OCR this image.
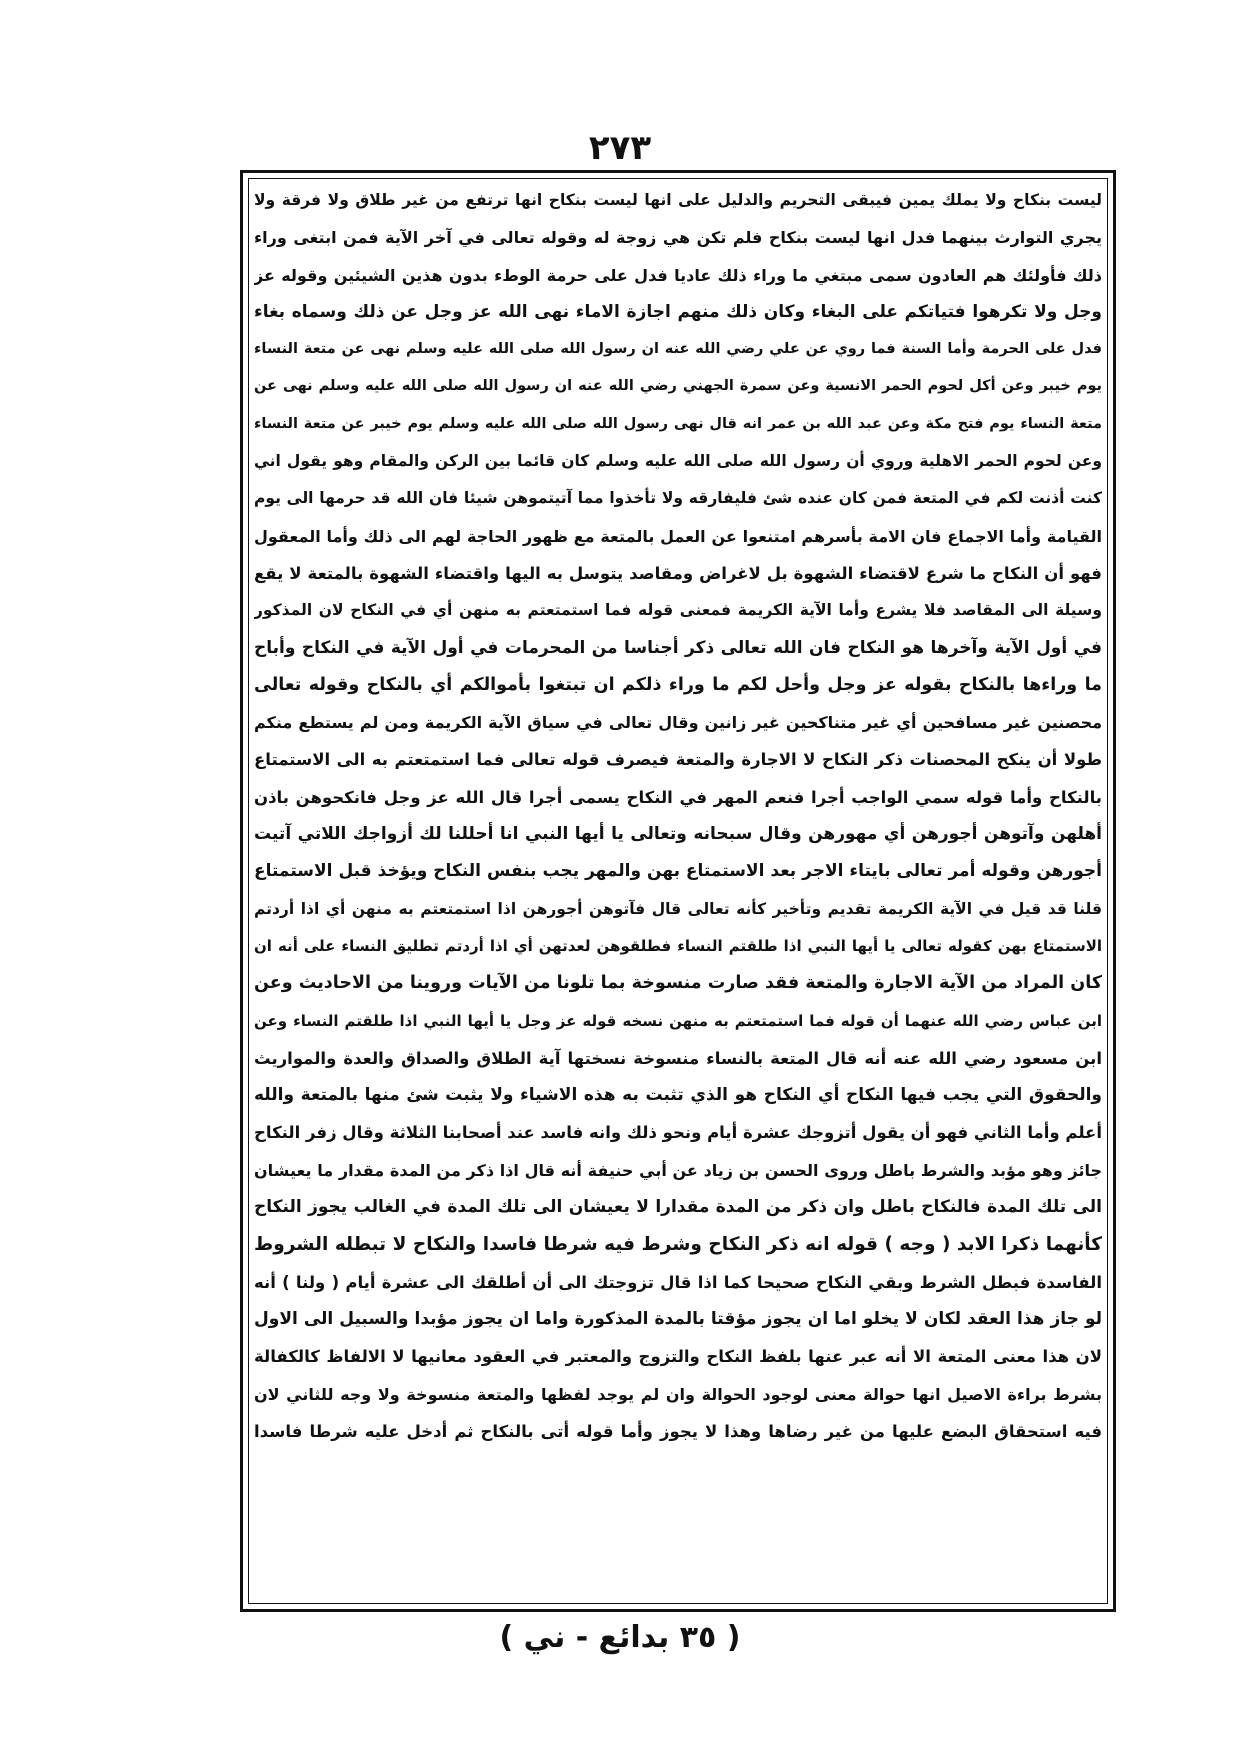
۲۷۳
ليست بنكاح ولا يملك يمين فيبقى التحريم والدليل على انها ليست بنكاح انها ترتفع من غير طلاق ولا فرقة ولا
يجري التوارث بينهما فدل انها ليست بنكاح فلم تكن هي زوجة له وقوله تعالى في آخر الآية فمن ابتغى وراء
ذلك فأولئك هم العادون سمى مبتغي ما وراء ذلك عاديا فدل على حرمة الوطء بدون هذين الشيئين وقوله عز
وجل ولا تكرهوا فتياتكم على البغاء وكان ذلك منهم اجازة الاماء نهى الله عز وجل عن ذلك وسماه بغاء
فدل على الحرمة وأما السنة فما روي عن علي رضي الله عنه ان رسول الله صلى الله عليه وسلم نهى عن متعة النساء
يوم خيبر وعن أكل لحوم الحمر الانسية وعن سمرة الجهني رضي الله عنه ان رسول الله صلى الله عليه وسلم نهى عن
متعة النساء يوم فتح مكة وعن عبد الله بن عمر انه قال نهى رسول الله صلى الله عليه وسلم يوم خيبر عن متعة النساء
وعن لحوم الحمر الاهلية وروي أن رسول الله صلى الله عليه وسلم كان قائما بين الركن والمقام وهو يقول اني
كنت أذنت لكم في المتعة فمن كان عنده شئ فليفارقه ولا تأخذوا مما آتيتموهن شيئا فان الله قد حرمها الى يوم
القيامة وأما الاجماع فان الامة بأسرهم امتنعوا عن العمل بالمتعة مع ظهور الحاجة لهم الى ذلك وأما المعقول
فهو أن النكاح ما شرع لاقتضاء الشهوة بل لاغراض ومقاصد يتوسل به اليها واقتضاء الشهوة بالمتعة لا يقع
وسيلة الى المقاصد فلا يشرع وأما الآية الكريمة فمعنى قوله فما استمتعتم به منهن أي في النكاح لان المذكور
في أول الآية وآخرها هو النكاح فان الله تعالى ذكر أجناسا من المحرمات في أول الآية في النكاح وأباح
ما وراءها بالنكاح بقوله عز وجل وأحل لكم ما وراء ذلكم ان تبتغوا بأموالكم أي بالنكاح وقوله تعالى
محصنين غير مسافحين أي غير متناكحين غير زانين وقال تعالى في سياق الآية الكريمة ومن لم يستطع منكم
طولا أن ينكح المحصنات ذكر النكاح لا الاجارة والمتعة فيصرف قوله تعالى فما استمتعتم به الى الاستمتاع
بالنكاح وأما قوله سمي الواجب أجرا فنعم المهر في النكاح يسمى أجرا قال الله عز وجل فانكحوهن باذن
أهلهن وآتوهن أجورهن أي مهورهن وقال سبحانه وتعالى يا أيها النبي انا أحللنا لك أزواجك اللاتي آتيت
أجورهن وقوله أمر تعالى بايتاء الاجر بعد الاستمتاع بهن والمهر يجب بنفس النكاح ويؤخذ قبل الاستمتاع
قلنا قد قيل في الآية الكريمة تقديم وتأخير كأنه تعالى قال فآتوهن أجورهن اذا استمتعتم به منهن أي اذا أردتم
الاستمتاع بهن كقوله تعالى يا أيها النبي اذا طلقتم النساء فطلقوهن لعدتهن أي اذا أردتم تطليق النساء على أنه ان
كان المراد من الآية الاجارة والمتعة فقد صارت منسوخة بما تلونا من الآيات وروينا من الاحاديث وعن
ابن عباس رضي الله عنهما أن قوله فما استمتعتم به منهن نسخه قوله عز وجل يا أيها النبي اذا طلقتم النساء وعن
ابن مسعود رضي الله عنه أنه قال المتعة بالنساء منسوخة نسختها آية الطلاق والصداق والعدة والمواريث
والحقوق التي يجب فيها النكاح أي النكاح هو الذي تثبت به هذه الاشياء ولا يثبت شئ منها بالمتعة والله
أعلم وأما الثاني فهو أن يقول أتزوجك عشرة أيام ونحو ذلك وانه فاسد عند أصحابنا الثلاثة وقال زفر النكاح
جائز وهو مؤبد والشرط باطل وروى الحسن بن زياد عن أبي حنيفة أنه قال اذا ذكر من المدة مقدار ما يعيشان
الى تلك المدة فالنكاح باطل وان ذكر من المدة مقدارا لا يعيشان الى تلك المدة في الغالب يجوز النكاح
كأنهما ذكرا الابد ( وجه ) قوله انه ذكر النكاح وشرط فيه شرطا فاسدا والنكاح لا تبطله الشروط
الفاسدة فبطل الشرط وبقي النكاح صحيحا كما اذا قال تزوجتك الى أن أطلقك الى عشرة أيام ( ولنا ) أنه
لو جاز هذا العقد لكان لا يخلو اما ان يجوز مؤقتا بالمدة المذكورة واما ان يجوز مؤبدا والسبيل الى الاول
لان هذا معنى المتعة الا أنه عبر عنها بلفظ النكاح والتزوج والمعتبر في العقود معانيها لا الالفاظ كالكفالة
بشرط براءة الاصيل انها حوالة معنى لوجود الحوالة وان لم يوجد لفظها والمتعة منسوخة ولا وجه للثاني لان
فيه استحقاق البضع عليها من غير رضاها وهذا لا يجوز وأما قوله أتى بالنكاح ثم أدخل عليه شرطا فاسدا
( ٣٥ بدائع - ني )
